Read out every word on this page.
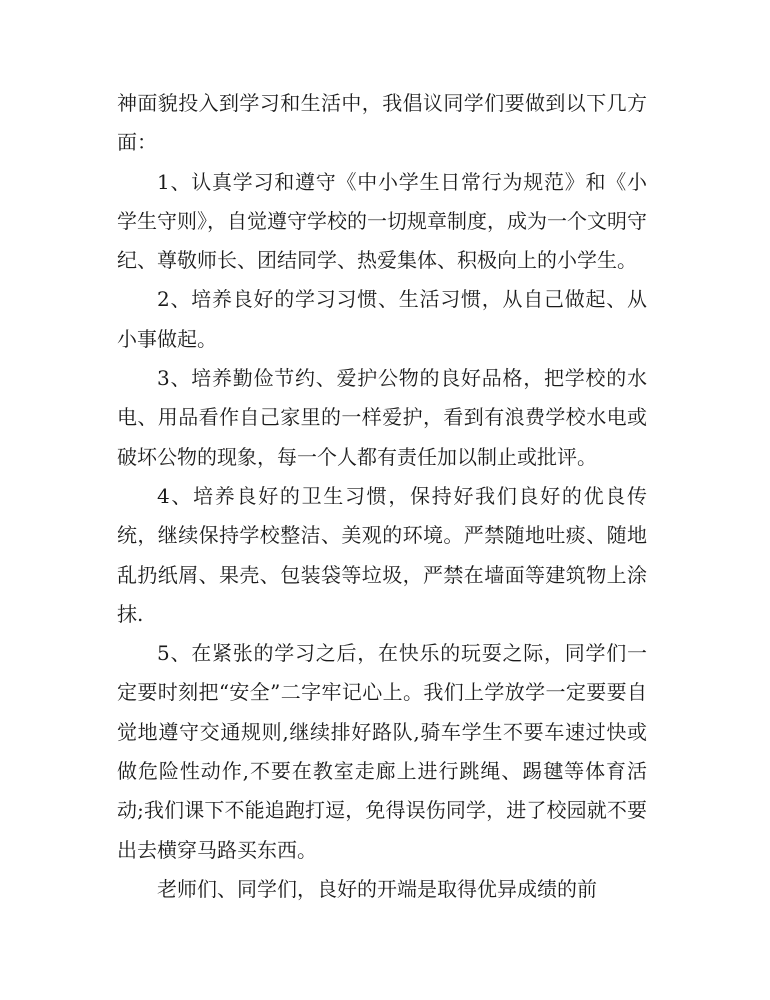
神面貌投入到学习和生活中，我倡议同学们要做到以下几方面：

1、认真学习和遵守《中小学生日常行为规范》和《小学生守则》，自觉遵守学校的一切规章制度，成为一个文明守纪、尊敬师长、团结同学、热爱集体、积极向上的小学生。

2、培养良好的学习习惯、生活习惯，从自己做起、从小事做起。

3、培养勤俭节约、爱护公物的良好品格，把学校的水电、用品看作自己家里的一样爱护，看到有浪费学校水电或破坏公物的现象，每一个人都有责任加以制止或批评。

4、培养良好的卫生习惯，保持好我们良好的优良传统，继续保持学校整洁、美观的环境。严禁随地吐痰、随地乱扔纸屑、果壳、包装袋等垃圾，严禁在墙面等建筑物上涂抹.

5、在紧张的学习之后，在快乐的玩耍之际，同学们一定要时刻把“安全”二字牢记心上。我们上学放学一定要要自觉地遵守交通规则,继续排好路队,骑车学生不要车速过快或做危险性动作,不要在教室走廊上进行跳绳、踢毽等体育活动;我们课下不能追跑打逗，免得误伤同学，进了校园就不要出去横穿马路买东西。

老师们、同学们，良好的开端是取得优异成绩的前
